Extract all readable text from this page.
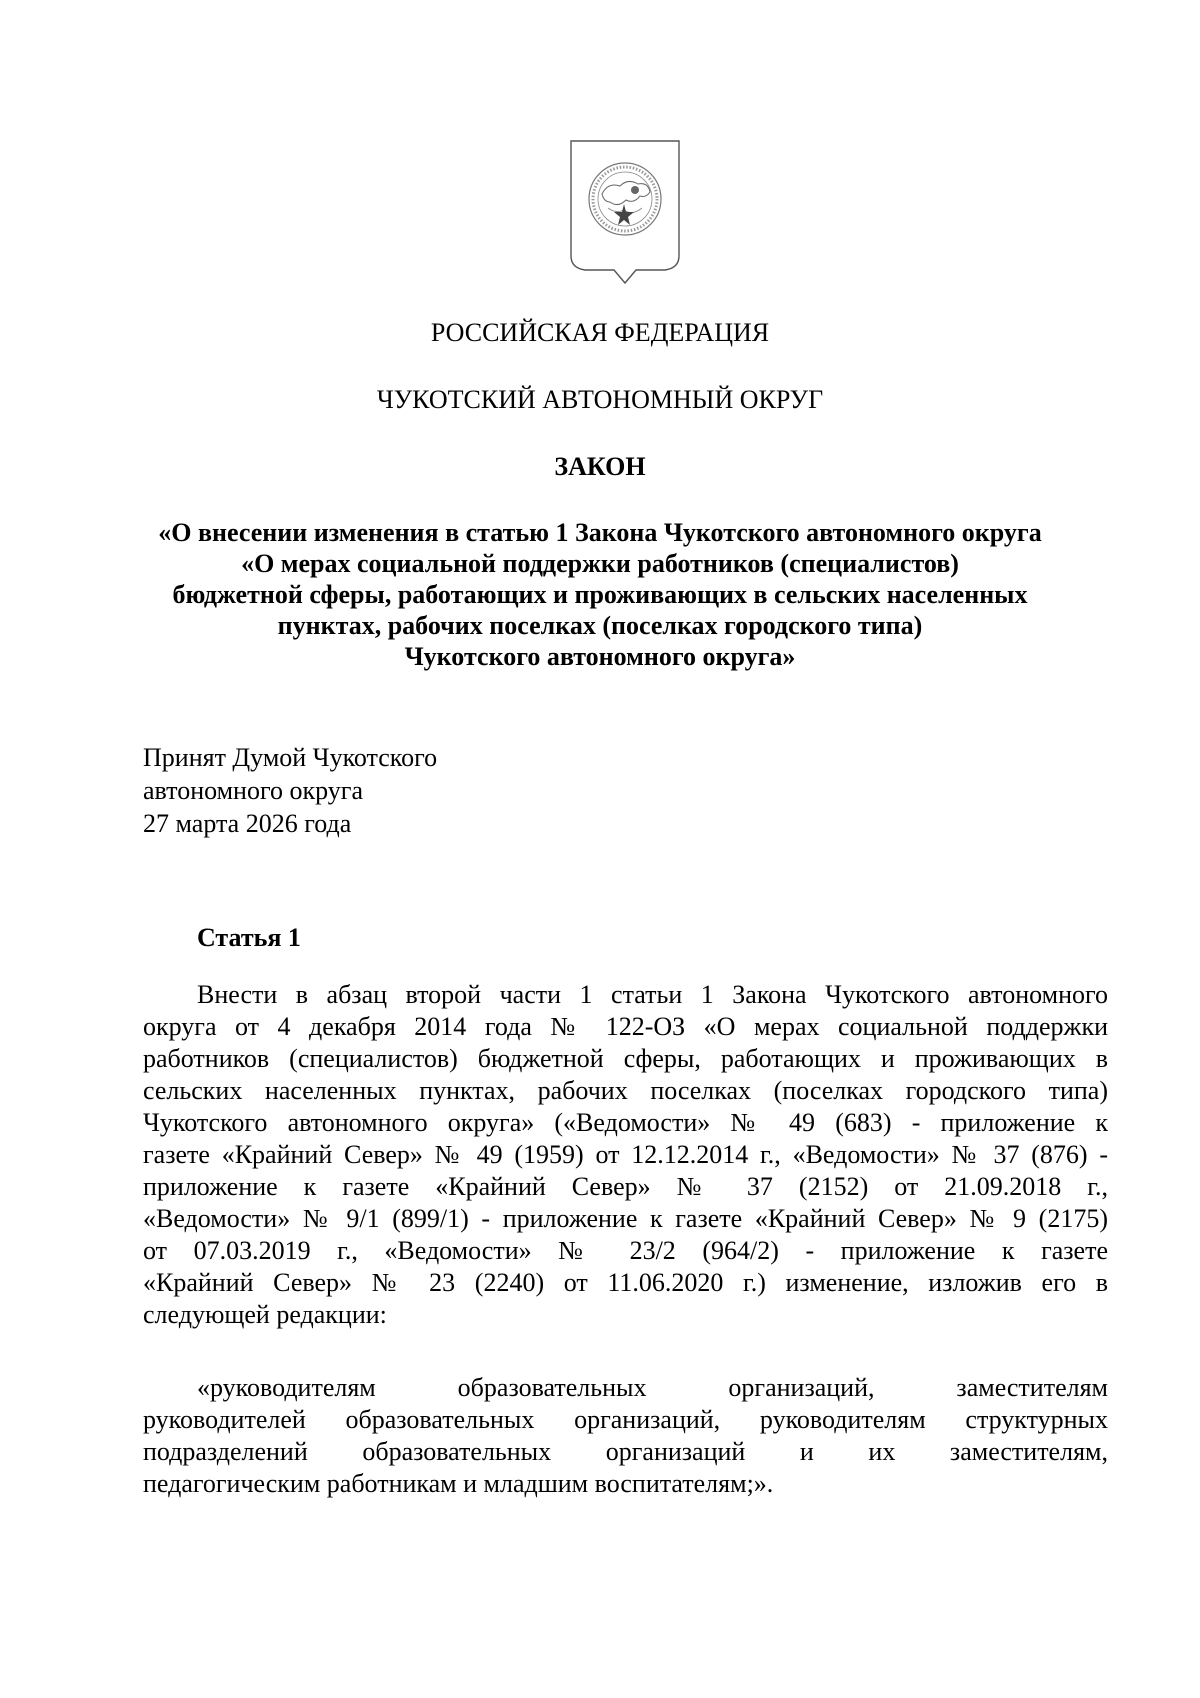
РОССИЙСКАЯ ФЕДЕРАЦИЯ
ЧУКОТСКИЙ АВТОНОМНЫЙ ОКРУГ
ЗАКОН
«О внесении изменения в статью 1 Закона Чукотского автономного округа
«О мерах социальной поддержки работников (специалистов)
бюджетной сферы, работающих и проживающих в сельских населенных
пунктах, рабочих поселках (поселках городского типа)
Чукотского автономного округа»
Принят Думой Чукотского
автономного округа
27 марта 2026 года
Статья 1
Внести в абзац второй части 1 статьи 1 Закона Чукотского автономного
округа от 4 декабря 2014 года № 122-ОЗ «О мерах социальной поддержки
работников (специалистов) бюджетной сферы, работающих и проживающих в
сельских населенных пунктах, рабочих поселках (поселках городского типа)
Чукотского автономного округа» («Ведомости» № 49 (683) - приложение к
газете «Крайний Север» № 49 (1959) от 12.12.2014 г., «Ведомости» № 37 (876) -
приложение к газете «Крайний Север» № 37 (2152) от 21.09.2018 г.,
«Ведомости» № 9/1 (899/1) - приложение к газете «Крайний Север» № 9 (2175)
от 07.03.2019 г., «Ведомости» № 23/2 (964/2) - приложение к газете
«Крайний Север» № 23 (2240) от 11.06.2020 г.) изменение, изложив его в
следующей редакции:
«руководителям образовательных организаций, заместителям
руководителей образовательных организаций, руководителям структурных
подразделений образовательных организаций и их заместителям,
педагогическим работникам и младшим воспитателям;».
